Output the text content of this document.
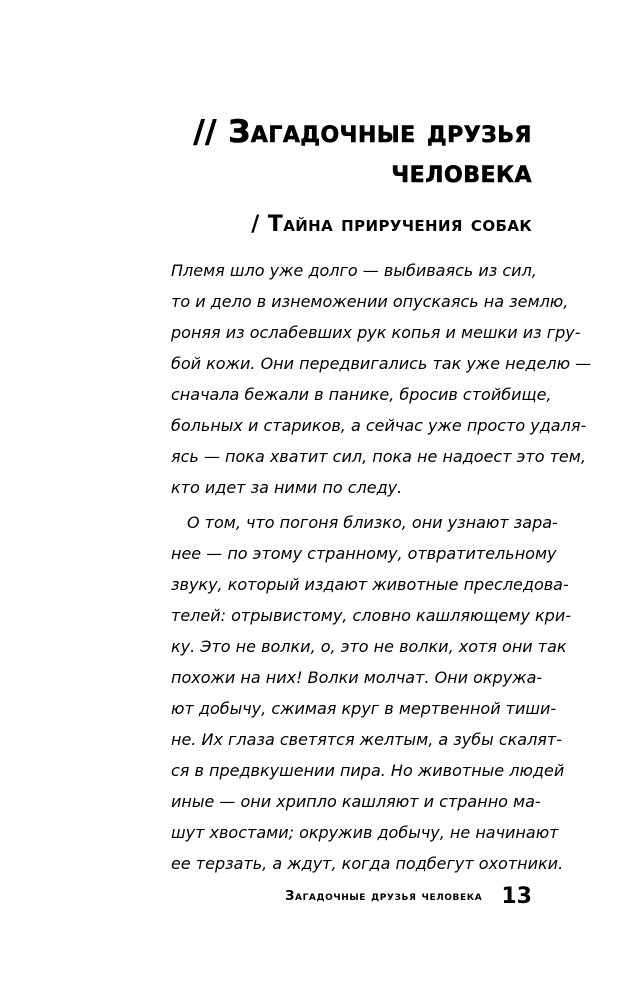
// Загадочные друзья
человека
/ Тайна приручения собак
Племя шло уже долго — выбиваясь из сил,
то и дело в изнеможении опускаясь на землю,
роняя из ослабевших рук копья и мешки из гру-
бой кожи. Они передвигались так уже неделю —
сначала бежали в панике, бросив стойбище,
больных и стариков, а сейчас уже просто удаля-
ясь — пока хватит сил, пока не надоест это тем,
кто идет за ними по следу.
О том, что погоня близко, они узнают зара-
нее — по этому странному, отвратительному
звуку, который издают животные преследова-
телей: отрывистому, словно кашляющему кри-
ку. Это не волки, о, это не волки, хотя они так
похожи на них! Волки молчат. Они окружа-
ют добычу, сжимая круг в мертвенной тиши-
не. Их глаза светятся желтым, а зубы скалят-
ся в предвкушении пира. Но животные людей
иные — они хрипло кашляют и странно ма-
шут хвостами; окружив добычу, не начинают
ее терзать, а ждут, когда подбегут охотники.
Загадочные друзья человека 13
